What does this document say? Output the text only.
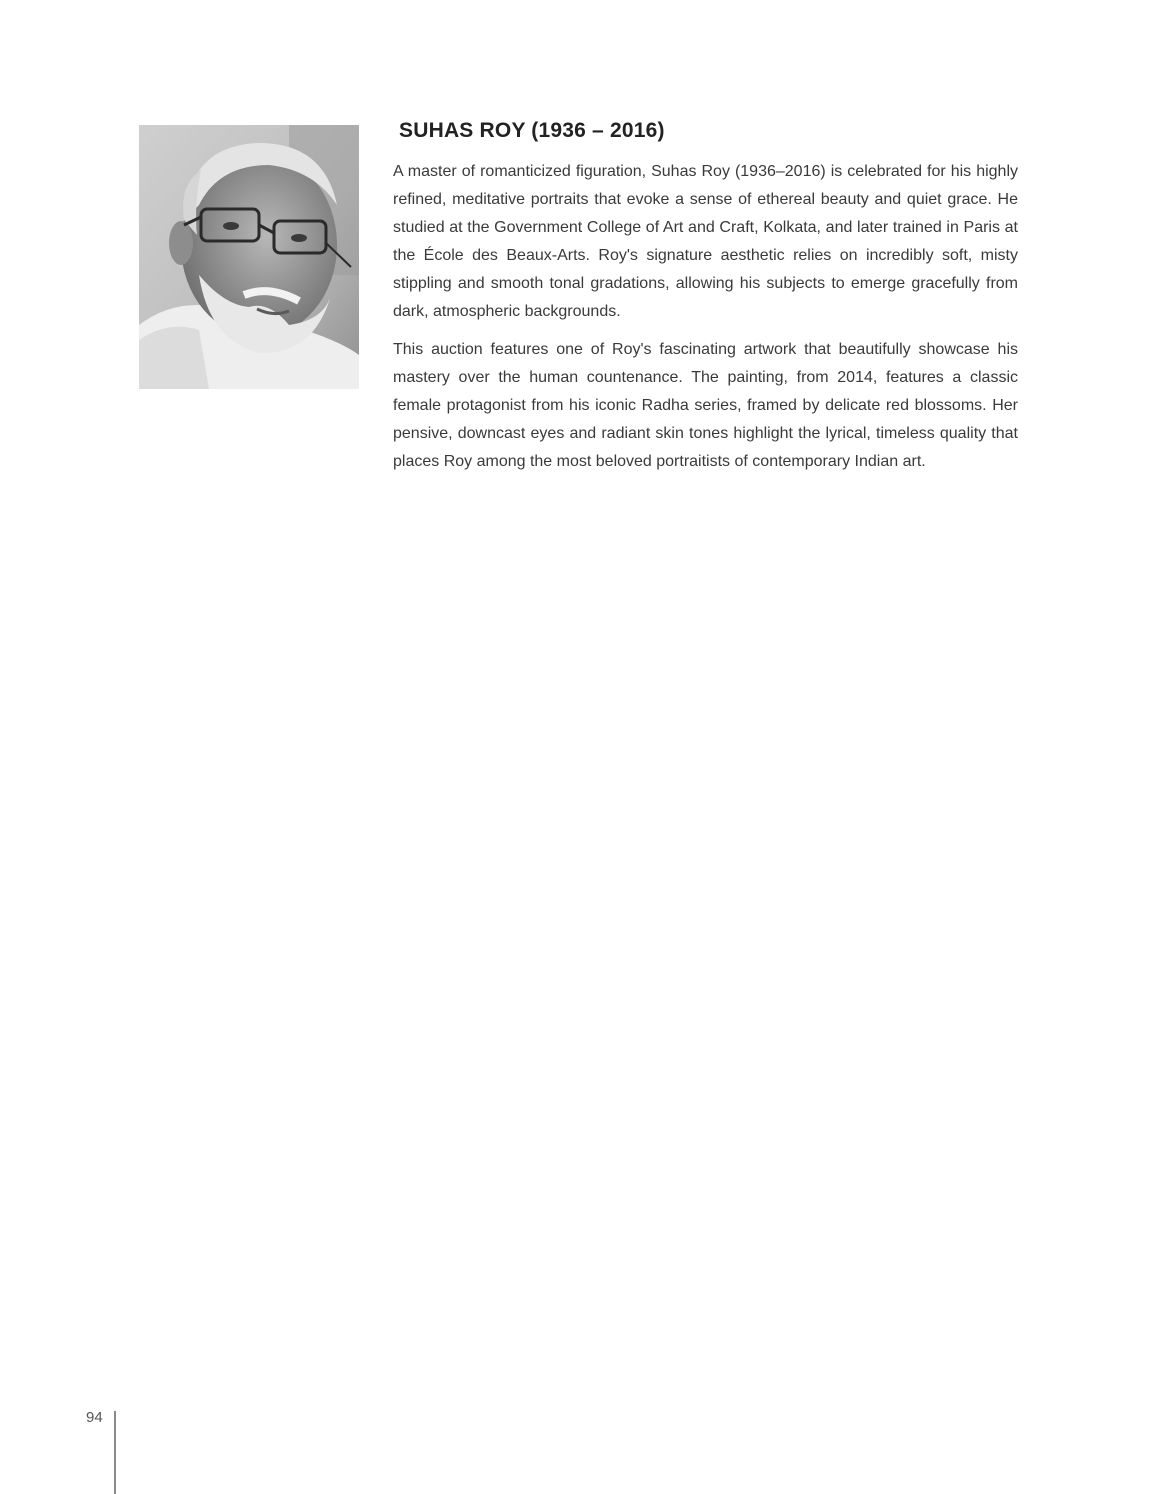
SUHAS ROY (1936 – 2016)

A master of romanticized figuration, Suhas Roy (1936–2016) is celebrated for his highly refined, meditative portraits that evoke a sense of ethereal beauty and quiet grace. He studied at the Government College of Art and Craft, Kolkata, and later trained in Paris at the École des Beaux-Arts. Roy's signature aesthetic relies on incredibly soft, misty stippling and smooth tonal gradations, allowing his subjects to emerge gracefully from dark, atmospheric backgrounds.

This auction features one of Roy's fascinating artwork that beautifully showcase his mastery over the human countenance. The painting, from 2014, features a classic female protagonist from his iconic Radha series, framed by delicate red blossoms. Her pensive, downcast eyes and radiant skin tones highlight the lyrical, timeless quality that places Roy among the most beloved portraitists of contemporary Indian art.

94
